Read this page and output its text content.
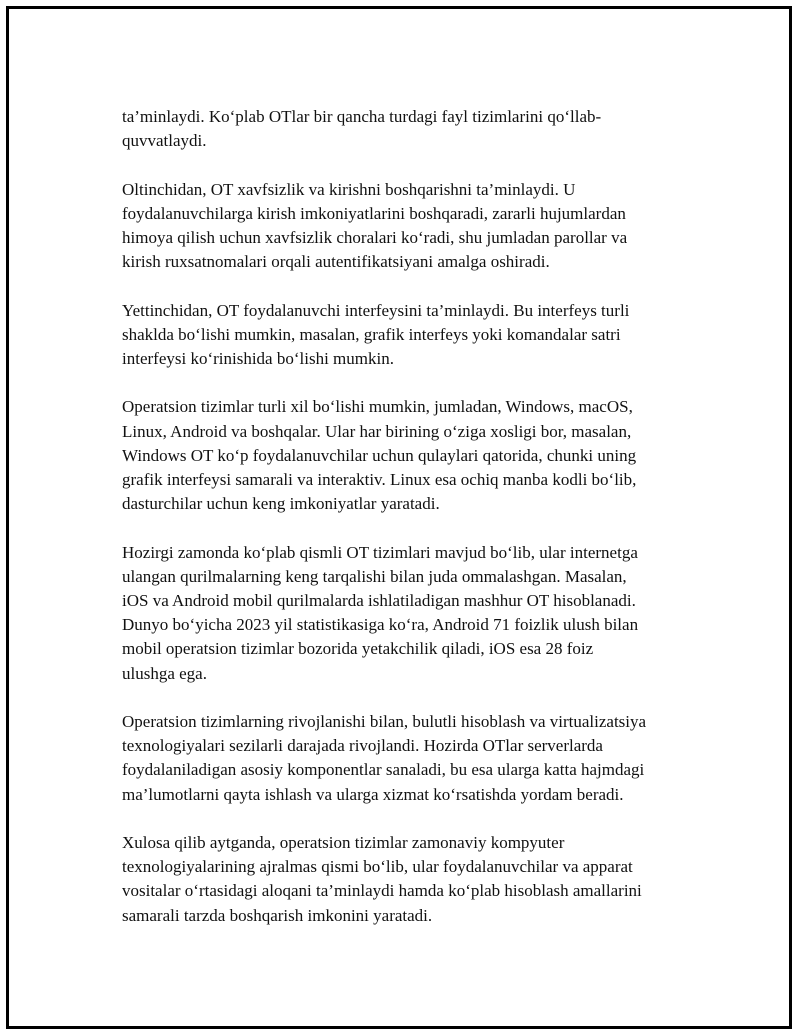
ta’minlaydi. Koʻplab OTlar bir qancha turdagi fayl tizimlarini qoʻllab-
quvvatlaydi.

Oltinchidan, OT xavfsizlik va kirishni boshqarishni ta’minlaydi. U
foydalanuvchilarga kirish imkoniyatlarini boshqaradi, zararli hujumlardan
himoya qilish uchun xavfsizlik choralari koʻradi, shu jumladan parollar va
kirish ruxsatnomalari orqali autentifikatsiyani amalga oshiradi.

Yettinchidan, OT foydalanuvchi interfeysini ta’minlaydi. Bu interfeys turli
shaklda boʻlishi mumkin, masalan, grafik interfeys yoki komandalar satri
interfeysi koʻrinishida boʻlishi mumkin.

Operatsion tizimlar turli xil boʻlishi mumkin, jumladan, Windows, macOS,
Linux, Android va boshqalar. Ular har birining oʻziga xosligi bor, masalan,
Windows OT koʻp foydalanuvchilar uchun qulaylari qatorida, chunki uning
grafik interfeysi samarali va interaktiv. Linux esa ochiq manba kodli boʻlib,
dasturchilar uchun keng imkoniyatlar yaratadi.

Hozirgi zamonda koʻplab qismli OT tizimlari mavjud boʻlib, ular internetga
ulangan qurilmalarning keng tarqalishi bilan juda ommalashgan. Masalan,
iOS va Android mobil qurilmalarda ishlatiladigan mashhur OT hisoblanadi.
Dunyo boʻyicha 2023 yil statistikasiga koʻra, Android 71 foizlik ulush bilan
mobil operatsion tizimlar bozorida yetakchilik qiladi, iOS esa 28 foiz
ulushga ega.

Operatsion tizimlarning rivojlanishi bilan, bulutli hisoblash va virtualizatsiya
texnologiyalari sezilarli darajada rivojlandi. Hozirda OTlar serverlarda
foydalaniladigan asosiy komponentlar sanaladi, bu esa ularga katta hajmdagi
ma’lumotlarni qayta ishlash va ularga xizmat koʻrsatishda yordam beradi.

Xulosa qilib aytganda, operatsion tizimlar zamonaviy kompyuter
texnologiyalarining ajralmas qismi boʻlib, ular foydalanuvchilar va apparat
vositalar oʻrtasidagi aloqani ta’minlaydi hamda koʻplab hisoblash amallarini
samarali tarzda boshqarish imkonini yaratadi.
